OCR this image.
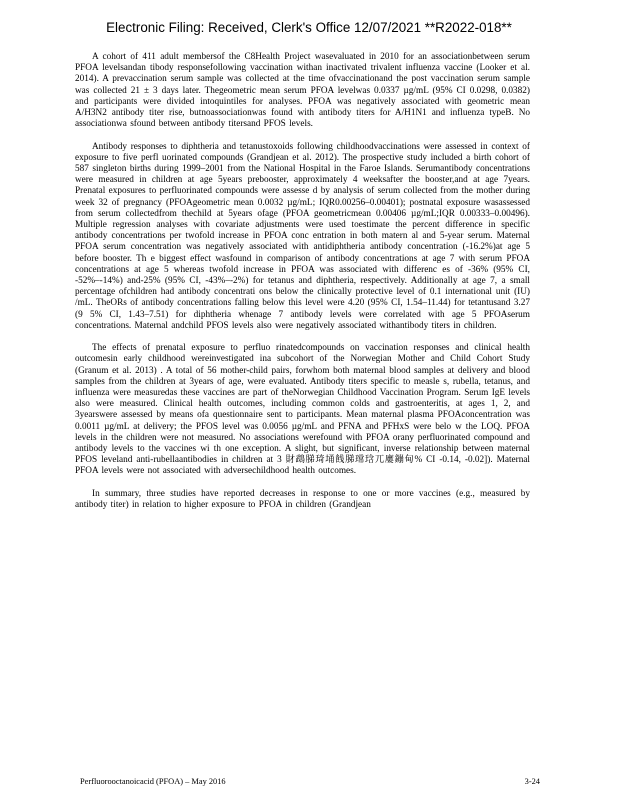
Electronic Filing: Received, Clerk's Office 12/07/2021 **R2022-018**

A cohort of 411 adult membersof the C8Health Project wasevaluated in 2010 for an associationbetween serum PFOA levelsandan tibody responsefollowing vaccination withan inactivated trivalent influenza vaccine (Looker et al. 2014). A prevaccination serum sample was collected at the time ofvaccinationand the post vaccination serum sample was collected 21 ± 3 days later. Thegeometric mean serum PFOA levelwas 0.0337 µg/mL (95% CI 0.0298, 0.0382) and participants were divided intoquintiles for analyses. PFOA was negatively associated with geometric mean A/H3N2 antibody titer rise, butnoassociationwas found with antibody titers for A/H1N1 and influenza typeB. No associationwa sfound between antibody titersand PFOS levels.

Antibody responses to diphtheria and tetanustoxoids following childhoodvaccinations were assessed in context of exposure to five perfl uorinated compounds (Grandjean et al. 2012). The prospective study included a birth cohort of 587 singleton births during 1999–2001 from the National Hospital in the Faroe Islands. Serumantibody concentrations were measured in children at age 5years prebooster, approximately 4 weeksafter the booster,and at age 7years. Prenatal exposures to perfluorinated compounds were assesse d by analysis of serum collected from the mother during week 32 of pregnancy (PFOAgeometric mean 0.0032 µg/mL; IQR0.00256–0.00401); postnatal exposure wasassessed from serum collectedfrom thechild at 5years ofage (PFOA geometricmean 0.00406 µg/mL;IQR 0.00333–0.00496). Multiple regression analyses with covariate adjustments were used toestimate the percent difference in specific antibody concentrations per twofold increase in PFOA conc entration in both matern al and 5-year serum. Maternal PFOA serum concentration was negatively associated with antidiphtheria antibody concentration (-16.2%)at age 5 before booster. Th e biggest effect wasfound in comparison of antibody concentrations at age 7 with serum PFOA concentrations at age 5 whereas twofold increase in PFOA was associated with differenc es of -36% (95% CI, -52%–-14%) and-25% (95% CI, -43%–-2%) for tetanus and diphtheria, respectively. Additionally at age 7, a small percentage ofchildren had antibody concentrati ons below the clinically protective level of 0.1 international unit (IU) /mL. TheORs of antibody concentrations falling below this level were 4.20 (95% CI, 1.54–11.44) for tetantusand 3.27 (9 5% CI, 1.43–7.51) for diphtheria whenage 7 antibody levels were correlated with age 5 PFOAserum concentrations. Maternal andchild PFOS levels also were negatively associated withantibody titers in children.

The effects of prenatal exposure to perfluo rinatedcompounds on vaccination responses and clinical health outcomesin early childhood wereinvestigated ina subcohort of the Norwegian Mother and Child Cohort Study (Granum et al. 2013) . A total of 56 mother-child pairs, forwhom both maternal blood samples at delivery and blood samples from the children at 3years of age, were evaluated. Antibody titers specific to measle s, rubella, tetanus, and influenza were measuredas these vaccines are part of theNorwegian Childhood Vaccination Program. Serum IgE levels also were measured. Clinical health outcomes, including common colds and gastroenteritis, at ages 1, 2, and 3yearswere assessed by means ofa questionnaire sent to participants. Mean maternal plasma PFOAconcentration was 0.0011 µg/mL at delivery; the PFOS level was 0.0056 µg/mL and PFNA and PFHxS were belo w the LOQ. PFOA levels in the children were not measured. No associations werefound with PFOA orany perfluorinated compound and antibody levels to the vaccines wi th one exception. A slight, but significant, inverse relationship between maternal PFOS leveland anti-rubellaantibodies in children at 3 財鵡䏲琦埇䬻䏲瑺琀兀廔鏰甸% CI -0.14, -0.02]). Maternal PFOA levels were not associated with adversechildhood health outcomes.

In summary, three studies have reported decreases in response to one or more vaccines (e.g., measured by antibody titer) in relation to higher exposure to PFOA in children (Grandjean

Perfluorooctanoicacid (PFOA) – May 2016	3-24
